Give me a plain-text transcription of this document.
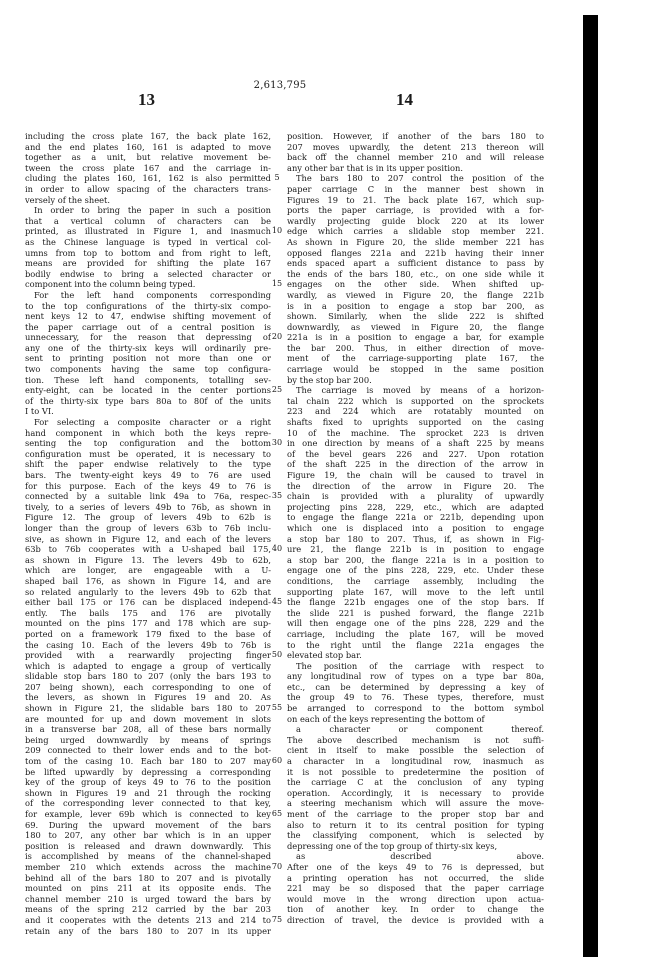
2,613,795
13	14
including the cross plate 167, the back plate 162,
and the end plates 160, 161 is adapted to move
together as a unit, but relative movement be-
tween the cross plate 167 and the carriage in-
cluding the plates 160, 161, 162 is also permitted
in order to allow spacing of the characters trans-
versely of the sheet.
In order to bring the paper in such a position
that a vertical column of characters can be
printed, as illustrated in Figure 1, and inasmuch
as the Chinese language is typed in vertical col-
umns from top to bottom and from right to left,
means are provided for shifting the plate 167
bodily endwise to bring a selected character or
component into the column being typed.
For the left hand components corresponding
to the top configurations of the thirty-six compo-
nent keys 12 to 47, endwise shifting movement of
the paper carriage out of a central position is
unnecessary, for the reason that depressing of
any one of the thirty-six keys will ordinarily pre-
sent to printing position not more than one or
two components having the same top configura-
tion. These left hand components, totalling sev-
enty-eight, can be located in the center portions
of the thirty-six type bars 80a to 80f of the units
I to VI.
For selecting a composite character or a right
hand component in which both the keys repre-
senting the top configuration and the bottom
configuration must be operated, it is necessary to
shift the paper endwise relatively to the type
bars. The twenty-eight keys 49 to 76 are used
for this purpose. Each of the keys 49 to 76 is
connected by a suitable link 49a to 76a, respec-
tively, to a series of levers 49b to 76b, as shown in
Figure 12. The group of levers 49b to 62b is
longer than the group of levers 63b to 76b inclu-
sive, as shown in Figure 12, and each of the levers
63b to 76b cooperates with a U-shaped bail 175,
as shown in Figure 13. The levers 49b to 62b,
which are longer, are engageable with a U-
shaped bail 176, as shown in Figure 14, and are
so related angularly to the levers 49b to 62b that
either bail 175 or 176 can be displaced independ-
ently. The bails 175 and 176 are pivotally
mounted on the pins 177 and 178 which are sup-
ported on a framework 179 fixed to the base of
the casing 10. Each of the levers 49b to 76b is
provided with a rearwardly projecting finger
which is adapted to engage a group of vertically
slidable stop bars 180 to 207 (only the bars 193 to
207 being shown), each corresponding to one of
the levers, as shown in Figures 19 and 20. As
shown in Figure 21, the slidable bars 180 to 207
are mounted for up and down movement in slots
in a transverse bar 208, all of these bars normally
being urged downwardly by means of springs
209 connected to their lower ends and to the bot-
tom of the casing 10. Each bar 180 to 207 may
be lifted upwardly by depressing a corresponding
key of the group of keys 49 to 76 to the position
shown in Figures 19 and 21 through the rocking
of the corresponding lever connected to that key,
for example, lever 69b which is connected to key
69. During the upward movement of the bars
180 to 207, any other bar which is in an upper
position is released and drawn downwardly. This
is accomplished by means of the channel-shaped
member 210 which extends across the machine
behind all of the bars 180 to 207 and is pivotally
mounted on pins 211 at its opposite ends. The
channel member 210 is urged toward the bars by
means of the spring 212 carried by the bar 203
and it cooperates with the detents 213 and 214 to
retain any of the bars 180 to 207 in its upper
5
10
15
20
25
30
35
40
45
50
55
60
65
70
75
position. However, if another of the bars 180 to
207 moves upwardly, the detent 213 thereon will
back off the channel member 210 and will release
any other bar that is in its upper position.
The bars 180 to 207 control the position of the
paper carriage C in the manner best shown in
Figures 19 to 21. The back plate 167, which sup-
ports the paper carriage, is provided with a for-
wardly projecting guide block 220 at its lower
edge which carries a slidable stop member 221.
As shown in Figure 20, the slide member 221 has
opposed flanges 221a and 221b having their inner
ends spaced apart a sufficient distance to pass by
the ends of the bars 180, etc., on one side while it
engages on the other side. When shifted up-
wardly, as viewed in Figure 20, the flange 221b
is in a position to engage a stop bar 200, as
shown. Similarly, when the slide 222 is shifted
downwardly, as viewed in Figure 20, the flange
221a is in a position to engage a bar, for example
the bar 200. Thus, in either direction of move-
ment of the carriage-supporting plate 167, the
carriage would be stopped in the same position
by the stop bar 200.
The carriage is moved by means of a horizon-
tal chain 222 which is supported on the sprockets
223 and 224 which are rotatably mounted on
shafts fixed to uprights supported on the casing
10 of the machine. The sprocket 223 is driven
in one direction by means of a shaft 225 by means
of the bevel gears 226 and 227. Upon rotation
of the shaft 225 in the direction of the arrow in
Figure 19, the chain will be caused to travel in
the direction of the arrow in Figure 20. The
chain is provided with a plurality of upwardly
projecting pins 228, 229, etc., which are adapted
to engage the flange 221a or 221b, depending upon
which one is displaced into a position to engage
a stop bar 180 to 207. Thus, if, as shown in Fig-
ure 21, the flange 221b is in position to engage
a stop bar 200, the flange 221a is in a position to
engage one of the pins 228, 229, etc. Under these
conditions, the carriage assembly, including the
supporting plate 167, will move to the left until
the flange 221b engages one of the stop bars. If
the slide 221 is pushed forward, the flange 221b
will then engage one of the pins 228, 229 and the
carriage, including the plate 167, will be moved
to the right until the flange 221a engages the
elevated stop bar.
The position of the carriage with respect to
any longitudinal row of types on a type bar 80a,
etc., can be determined by depressing a key of
the group 49 to 76. These types, therefore, must
be arranged to correspond to the bottom symbol
on each of the keys representing the bottom of
a character or component thereof.
The above described mechanism is not suffi-
cient in itself to make possible the selection of
a character in a longitudinal row, inasmuch as
it is not possible to predetermine the position of
the carriage C at the conclusion of any typing
operation. Accordingly, it is necessary to provide
a steering mechanism which will assure the move-
ment of the carriage to the proper stop bar and
also to return it to its central position for typing
the classifying component, which is selected by
depressing one of the top group of thirty-six keys,
as described above.
After one of the keys 49 to 76 is depressed, but
a printing operation has not occurred, the slide
221 may be so disposed that the paper carriage
would move in the wrong direction upon actua-
tion of another key. In order to change the
direction of travel, the device is provided with a
